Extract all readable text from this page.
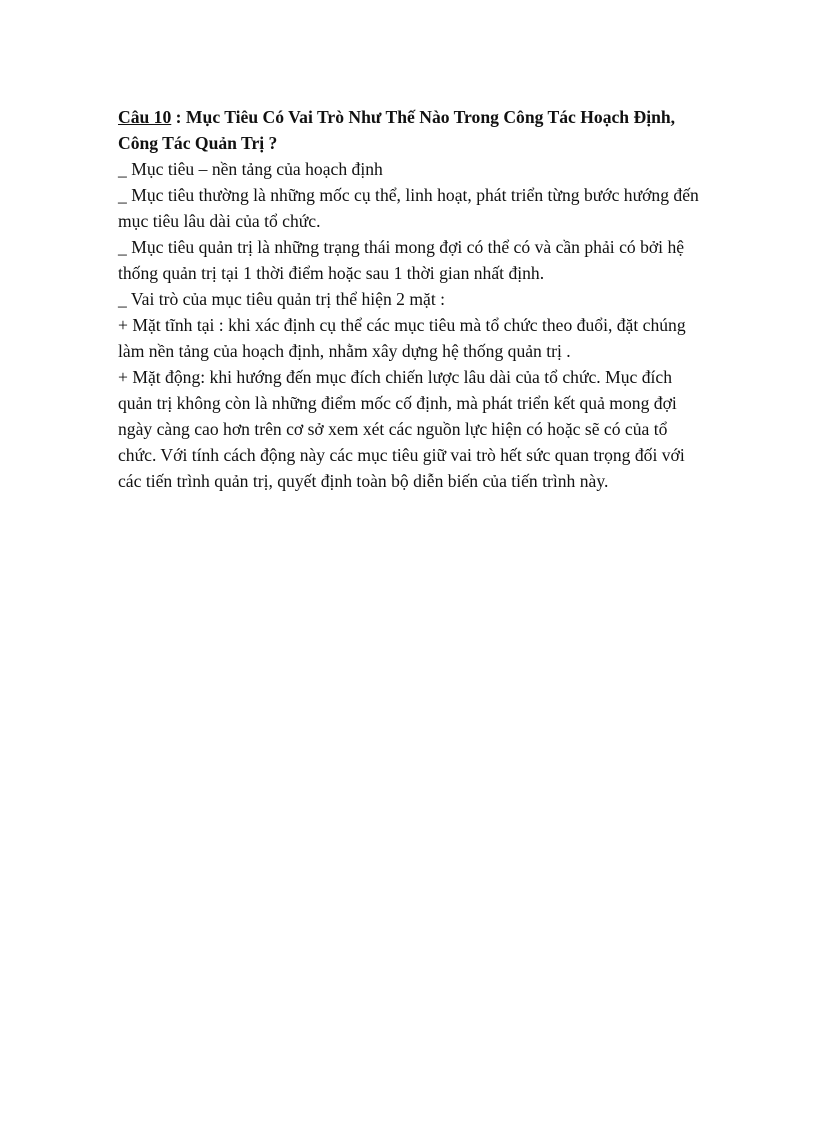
Câu 10 : Mục Tiêu Có Vai Trò Như Thế Nào Trong Công Tác Hoạch Định, Công Tác Quản Trị ?

_ Mục tiêu – nền tảng của hoạch định

_ Mục tiêu thường là những mốc cụ thể, linh hoạt, phát triển từng bước hướng đến mục tiêu lâu dài của tổ chức.

_ Mục tiêu quản trị là những trạng thái mong đợi có thể có và cần phải có bởi hệ thống quản trị tại 1 thời điểm hoặc sau 1 thời gian nhất định.

_ Vai trò của mục tiêu quản trị thể hiện 2 mặt :

+ Mặt tĩnh tại : khi xác định cụ thể các mục tiêu mà tổ chức theo đuổi, đặt chúng làm nền tảng của hoạch định, nhằm xây dựng hệ thống quản trị .

+ Mặt động: khi hướng đến mục đích chiến lược lâu dài của tổ chức. Mục đích quản trị không còn là những điểm mốc cố định, mà phát triển kết quả mong đợi ngày càng cao hơn trên cơ sở xem xét các nguồn lực hiện có hoặc sẽ có của tổ chức. Với tính cách động này các mục tiêu giữ vai trò hết sức quan trọng đối với các tiến trình quản trị, quyết định toàn bộ diễn biến của tiến trình này.
